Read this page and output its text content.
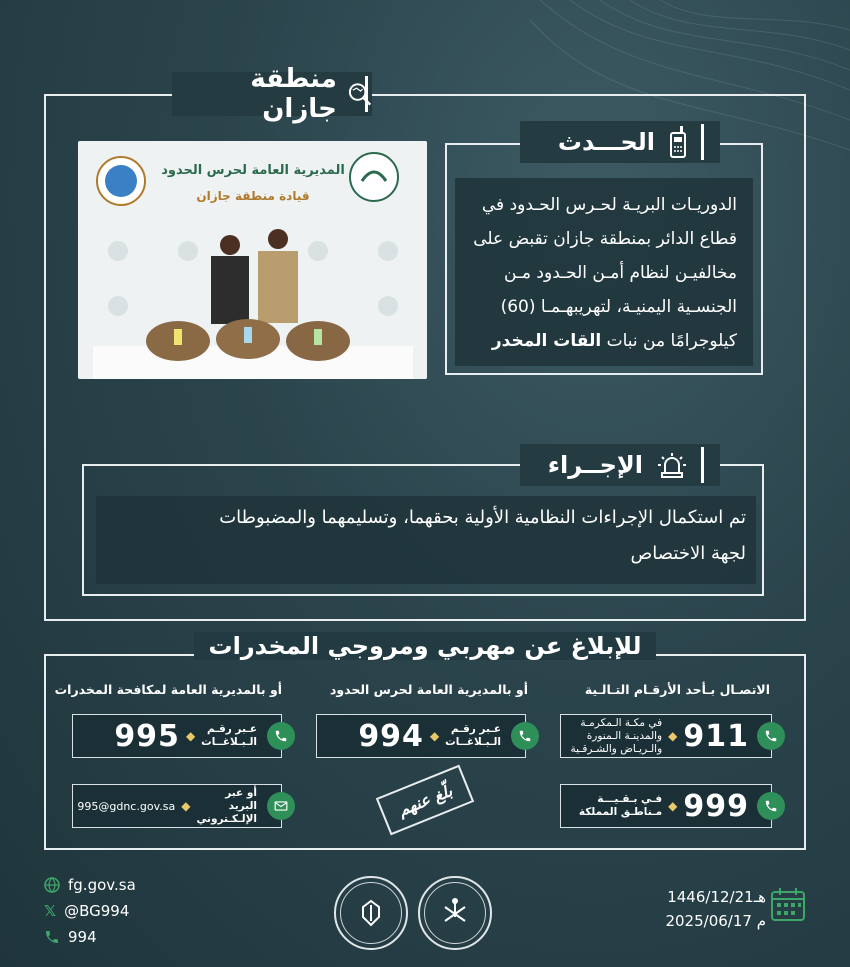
منطقة جازان
المديرية العامة لحرس الحدود
قيادة منطقة جازان
الحـــدث
الدوريـات البريـة لحـرس الحـدود في
قطاع الدائر بمنطقة جازان تقبض على
مخالفيـن لنظام أمـن الحـدود مـن
الجنسـية اليمنيـة، لتهريبهـمـا (60)
كيلوجرامًا من نبات القات المخدر
الإجــراء
تم استكمال الإجراءات النظامية الأولية بحقهما، وتسليمهما والمضبوطات
لجهة الاختصاص
للإبلاغ عن مهربي ومروجي المخدرات
الاتصـال بـأحد الأرقـام التـالـية
أو بالمديرية العامة لحرس الحدود
أو بالمديرية العامة لمكافحة المخدرات
911
◆
في مكـة الـمكرمـة
والمدينـة الـمنورة
والـريـاض والشـرقـية
999
◆
فـي بـقـيـــة
مـناطـق المملكة
عـبر رقـم
الـبـلاغــات
◆
994
عـبر رقـم
الـبـلاغــات
◆
995
أو عبر البريد
الإلـكـتروني
◆
995@gdnc.gov.sa	بلّغ عنهم
fg.gov.sa
𝕏 @BG994
994
1446/12/21هـ
2025/06/17 م
